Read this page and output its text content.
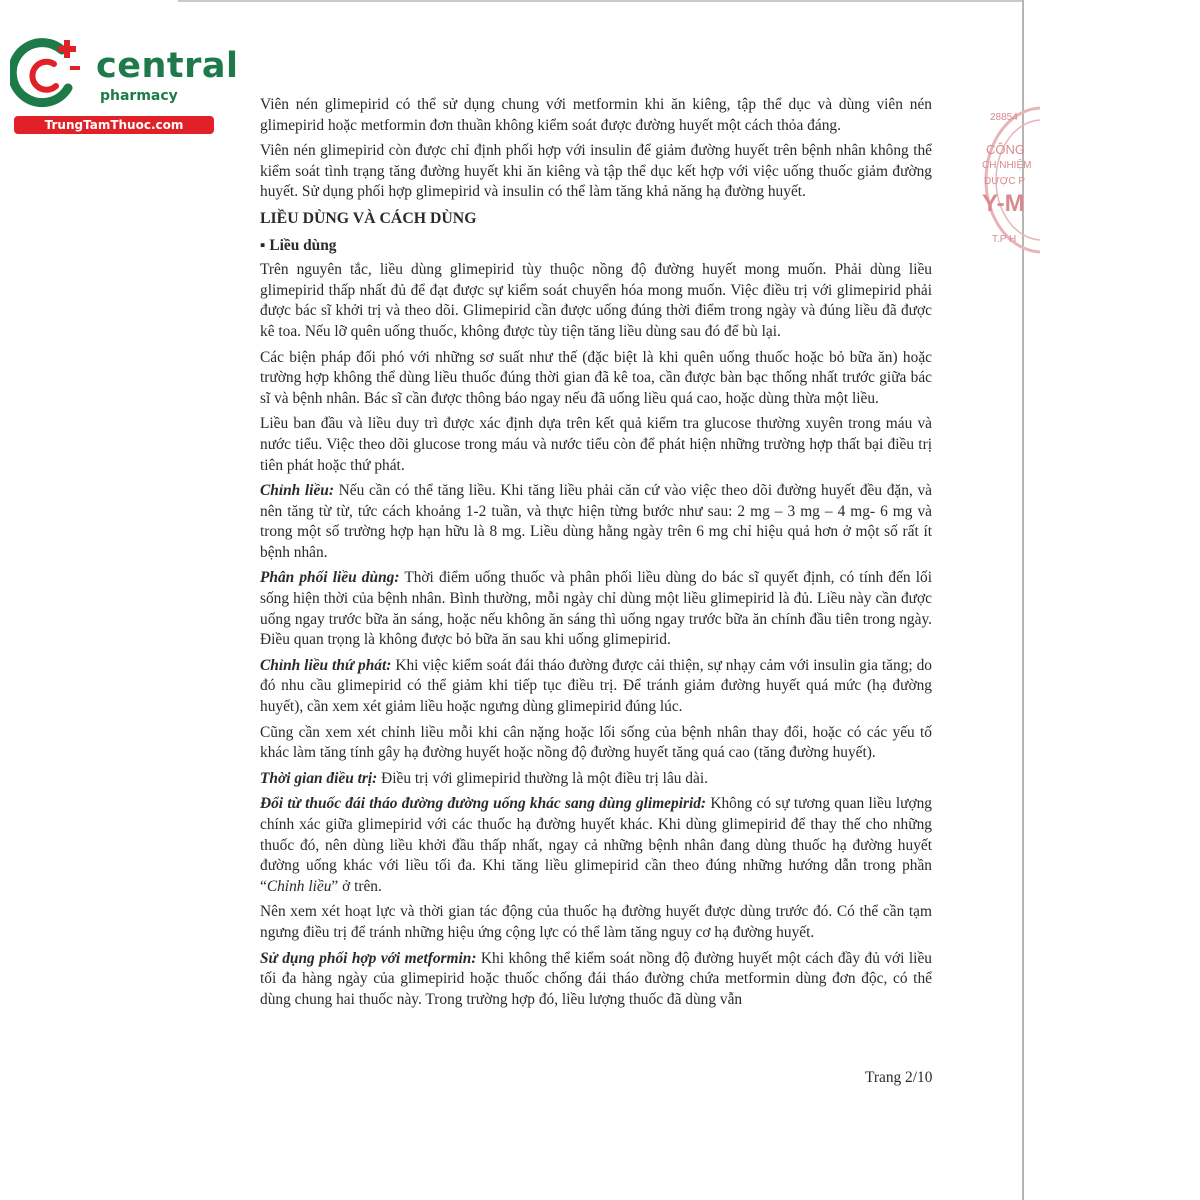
central
pharmacy
TrungTamThuoc.com
28854
CÔNG
CH NHIỆM
DƯỢC P
Y-M
T.P H

Viên nén glimepirid có thể sử dụng chung với metformin khi ăn kiêng, tập thể dục và dùng viên nén glimepirid hoặc metformin đơn thuần không kiểm soát được đường huyết một cách thỏa đáng.

Viên nén glimepirid còn được chỉ định phối hợp với insulin để giảm đường huyết trên bệnh nhân không thể kiểm soát tình trạng tăng đường huyết khi ăn kiêng và tập thể dục kết hợp với việc uống thuốc giảm đường huyết. Sử dụng phối hợp glimepirid và insulin có thể làm tăng khả năng hạ đường huyết.

LIỀU DÙNG VÀ CÁCH DÙNG

▪ Liều dùng

Trên nguyên tắc, liều dùng glimepirid tùy thuộc nồng độ đường huyết mong muốn. Phải dùng liều glimepirid thấp nhất đủ để đạt được sự kiểm soát chuyển hóa mong muốn. Việc điều trị với glimepirid phải được bác sĩ khởi trị và theo dõi. Glimepirid cần được uống đúng thời điểm trong ngày và đúng liều đã được kê toa. Nếu lỡ quên uống thuốc, không được tùy tiện tăng liều dùng sau đó để bù lại.

Các biện pháp đối phó với những sơ suất như thế (đặc biệt là khi quên uống thuốc hoặc bỏ bữa ăn) hoặc trường hợp không thể dùng liều thuốc đúng thời gian đã kê toa, cần được bàn bạc thống nhất trước giữa bác sĩ và bệnh nhân. Bác sĩ cần được thông báo ngay nếu đã uống liều quá cao, hoặc dùng thừa một liều.

Liều ban đầu và liều duy trì được xác định dựa trên kết quả kiểm tra glucose thường xuyên trong máu và nước tiểu. Việc theo dõi glucose trong máu và nước tiểu còn để phát hiện những trường hợp thất bại điều trị tiên phát hoặc thứ phát.

Chỉnh liều: Nếu cần có thể tăng liều. Khi tăng liều phải căn cứ vào việc theo dõi đường huyết đều đặn, và nên tăng từ từ, tức cách khoảng 1-2 tuần, và thực hiện từng bước như sau: 2 mg – 3 mg – 4 mg- 6 mg và trong một số trường hợp hạn hữu là 8 mg. Liều dùng hằng ngày trên 6 mg chỉ hiệu quả hơn ở một số rất ít bệnh nhân.

Phân phối liều dùng: Thời điểm uống thuốc và phân phối liều dùng do bác sĩ quyết định, có tính đến lối sống hiện thời của bệnh nhân. Bình thường, mỗi ngày chỉ dùng một liều glimepirid là đủ. Liều này cần được uống ngay trước bữa ăn sáng, hoặc nếu không ăn sáng thì uống ngay trước bữa ăn chính đầu tiên trong ngày. Điều quan trọng là không được bỏ bữa ăn sau khi uống glimepirid.

Chỉnh liều thứ phát: Khi việc kiểm soát đái tháo đường được cải thiện, sự nhạy cảm với insulin gia tăng; do đó nhu cầu glimepirid có thể giảm khi tiếp tục điều trị. Để tránh giảm đường huyết quá mức (hạ đường huyết), cần xem xét giảm liều hoặc ngưng dùng glimepirid đúng lúc.

Cũng cần xem xét chỉnh liều mỗi khi cân nặng hoặc lối sống của bệnh nhân thay đổi, hoặc có các yếu tố khác làm tăng tính gây hạ đường huyết hoặc nồng độ đường huyết tăng quá cao (tăng đường huyết).

Thời gian điều trị: Điều trị với glimepirid thường là một điều trị lâu dài.

Đổi từ thuốc đái tháo đường đường uống khác sang dùng glimepirid: Không có sự tương quan liều lượng chính xác giữa glimepirid với các thuốc hạ đường huyết khác. Khi dùng glimepirid để thay thế cho những thuốc đó, nên dùng liều khởi đầu thấp nhất, ngay cả những bệnh nhân đang dùng thuốc hạ đường huyết đường uống khác với liều tối đa. Khi tăng liều glimepirid cần theo đúng những hướng dẫn trong phần “Chỉnh liều” ở trên.

Nên xem xét hoạt lực và thời gian tác động của thuốc hạ đường huyết được dùng trước đó. Có thể cần tạm ngưng điều trị để tránh những hiệu ứng cộng lực có thể làm tăng nguy cơ hạ đường huyết.

Sử dụng phối hợp với metformin: Khi không thể kiểm soát nồng độ đường huyết một cách đầy đủ với liều tối đa hàng ngày của glimepirid hoặc thuốc chống đái tháo đường chứa metformin dùng đơn độc, có thể dùng chung hai thuốc này. Trong trường hợp đó, liều lượng thuốc đã dùng vẫn

Trang 2/10
